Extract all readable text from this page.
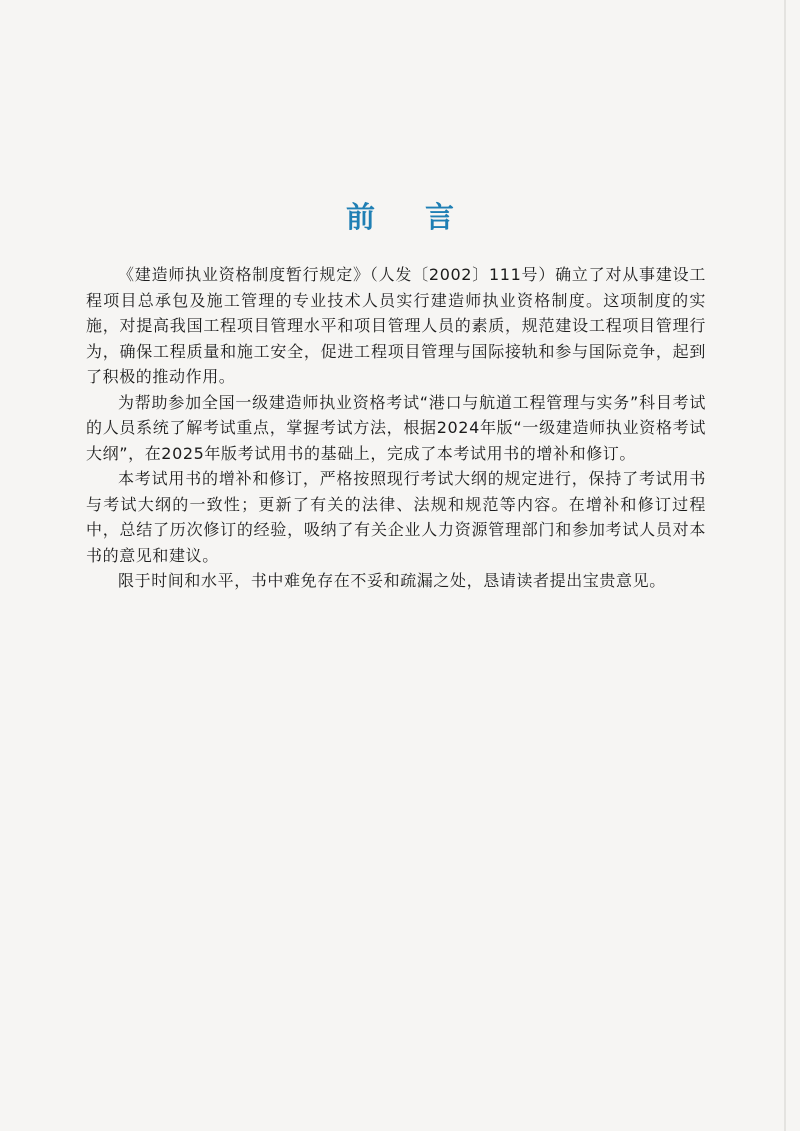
前 言

《建造师执业资格制度暂行规定》（人发〔2002〕111号）确立了对从事建设工程项目总承包及施工管理的专业技术人员实行建造师执业资格制度。这项制度的实施，对提高我国工程项目管理水平和项目管理人员的素质，规范建设工程项目管理行为，确保工程质量和施工安全，促进工程项目管理与国际接轨和参与国际竞争，起到了积极的推动作用。

为帮助参加全国一级建造师执业资格考试“港口与航道工程管理与实务”科目考试的人员系统了解考试重点，掌握考试方法，根据2024年版“一级建造师执业资格考试大纲”，在2025年版考试用书的基础上，完成了本考试用书的增补和修订。

本考试用书的增补和修订，严格按照现行考试大纲的规定进行，保持了考试用书与考试大纲的一致性；更新了有关的法律、法规和规范等内容。在增补和修订过程中，总结了历次修订的经验，吸纳了有关企业人力资源管理部门和参加考试人员对本书的意见和建议。

限于时间和水平，书中难免存在不妥和疏漏之处，恳请读者提出宝贵意见。
